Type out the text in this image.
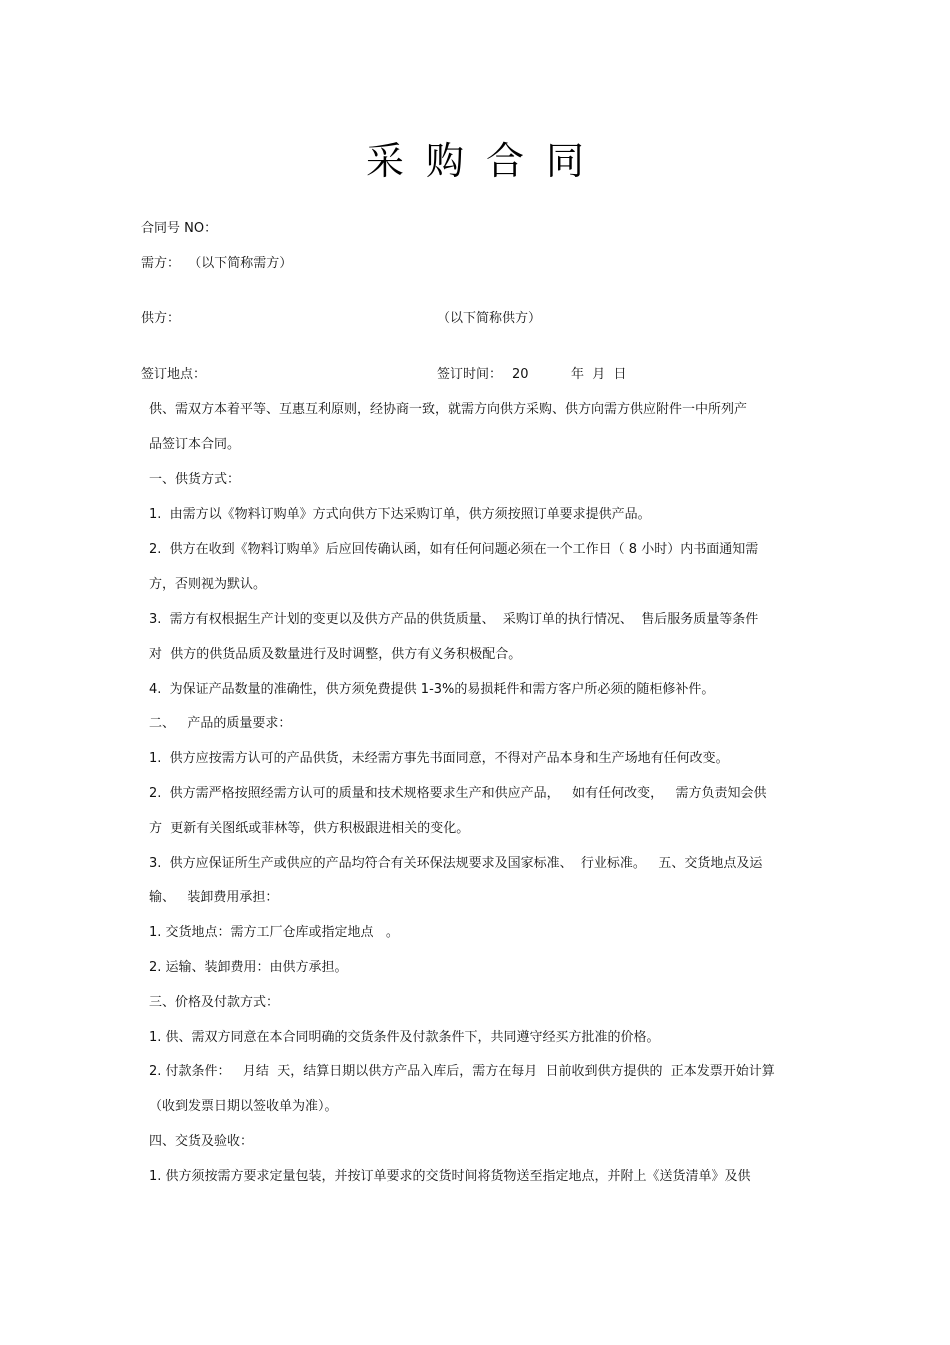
采购合同
合同号 NO：
需方：  （以下简称需方）
供方：	（以下简称供方）
签订地点：	签订时间： 20	年  月  日
供、需双方本着平等、互惠互利原则，经协商一致，就需方向供方采购、供方向需方供应附件一中所列产
品签订本合同。
一、供货方式：
1.  由需方以《物料订购单》方式向供方下达采购订单，供方须按照订单要求提供产品。
2.  供方在收到《物料订购单》后应回传确认函，如有任何问题必须在一个工作日（ 8 小时）内书面通知需
方，否则视为默认。
3.  需方有权根据生产计划的变更以及供方产品的供货质量、  采购订单的执行情况、  售后服务质量等条件
对  供方的供货品质及数量进行及时调整，供方有义务积极配合。
4.  为保证产品数量的准确性，供方须免费提供 1-3%的易损耗件和需方客户所必须的随柜修补件。
二、   产品的质量要求：
1.  供方应按需方认可的产品供货，未经需方事先书面同意，不得对产品本身和生产场地有任何改变。
2.  供方需严格按照经需方认可的质量和技术规格要求生产和供应产品，   如有任何改变，   需方负责知会供
方  更新有关图纸或菲林等，供方积极跟进相关的变化。
3.  供方应保证所生产或供应的产品均符合有关环保法规要求及国家标准、  行业标准。   五、交货地点及运
输、   装卸费用承担：
1. 交货地点：需方工厂仓库或指定地点   。
2. 运输、装卸费用：由供方承担。
三、价格及付款方式：
1. 供、需双方同意在本合同明确的交货条件及付款条件下，共同遵守经买方批准的价格。
2. 付款条件：   月结  天，结算日期以供方产品入库后，需方在每月  日前收到供方提供的  正本发票开始计算
（收到发票日期以签收单为准）。
四、交货及验收：
1. 供方须按需方要求定量包装，并按订单要求的交货时间将货物送至指定地点，并附上《送货清单》及供
